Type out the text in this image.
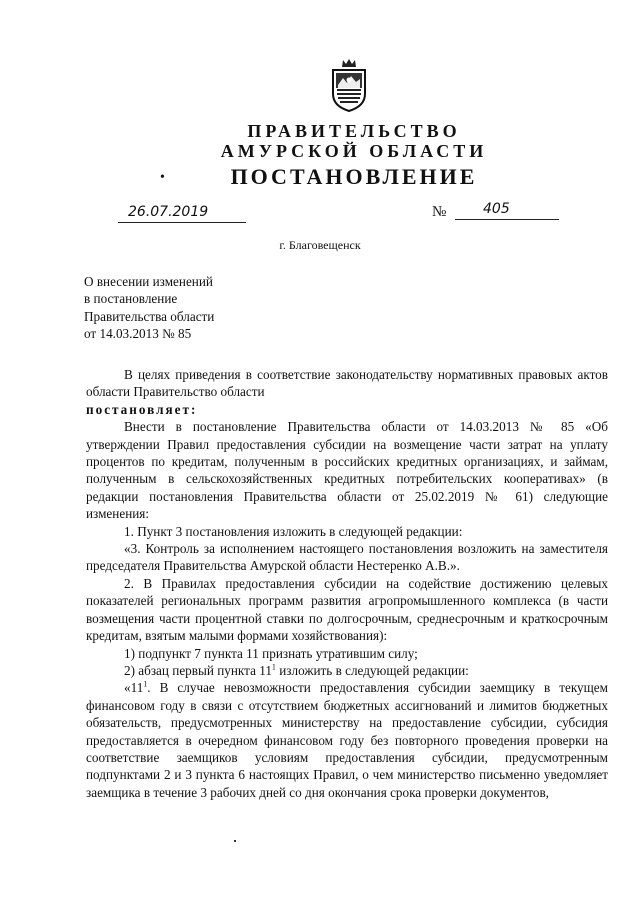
ПРАВИТЕЛЬСТВО
АМУРСКОЙ ОБЛАСТИ
ПОСТАНОВЛЕНИЕ
•
26.07.2019	№	405
г. Благовещенск
О внесении изменений
в постановление
Правительства области
от 14.03.2013 № 85

В целях приведения в соответствие законодательству нормативных правовых актов области Правительство области

постановляет:

Внести в постановление Правительства области от 14.03.2013 № 85 «Об утверждении Правил предоставления субсидии на возмещение части затрат на уплату процентов по кредитам, полученным в российских кредитных организациях, и займам, полученным в сельскохозяйственных кредитных потребительских кооперативах» (в редакции постановления Правительства области от 25.02.2019 № 61) следующие изменения:

1. Пункт 3 постановления изложить в следующей редакции:

«3. Контроль за исполнением настоящего постановления возложить на заместителя председателя Правительства Амурской области Нестеренко А.В.».

2. В Правилах предоставления субсидии на содействие достижению целевых показателей региональных программ развития агропромышленного комплекса (в части возмещения части процентной ставки по долгосрочным, среднесрочным и краткосрочным кредитам, взятым малыми формами хозяйствования):

1) подпункт 7 пункта 11 признать утратившим силу;

2) абзац первый пункта $11^1$ изложить в следующей редакции:

«$11^1$. В случае невозможности предоставления субсидии заемщику в текущем финансовом году в связи с отсутствием бюджетных ассигнований и лимитов бюджетных обязательств, предусмотренных министерству на предоставление субсидии, субсидия предоставляется в очередном финансовом году без повторного проведения проверки на соответствие заемщиков условиям предоставления субсидии, предусмотренным подпунктами 2 и 3 пункта 6 настоящих Правил, о чем министерство письменно уведомляет заемщика в течение 3 рабочих дней со дня окончания срока проверки документов,
